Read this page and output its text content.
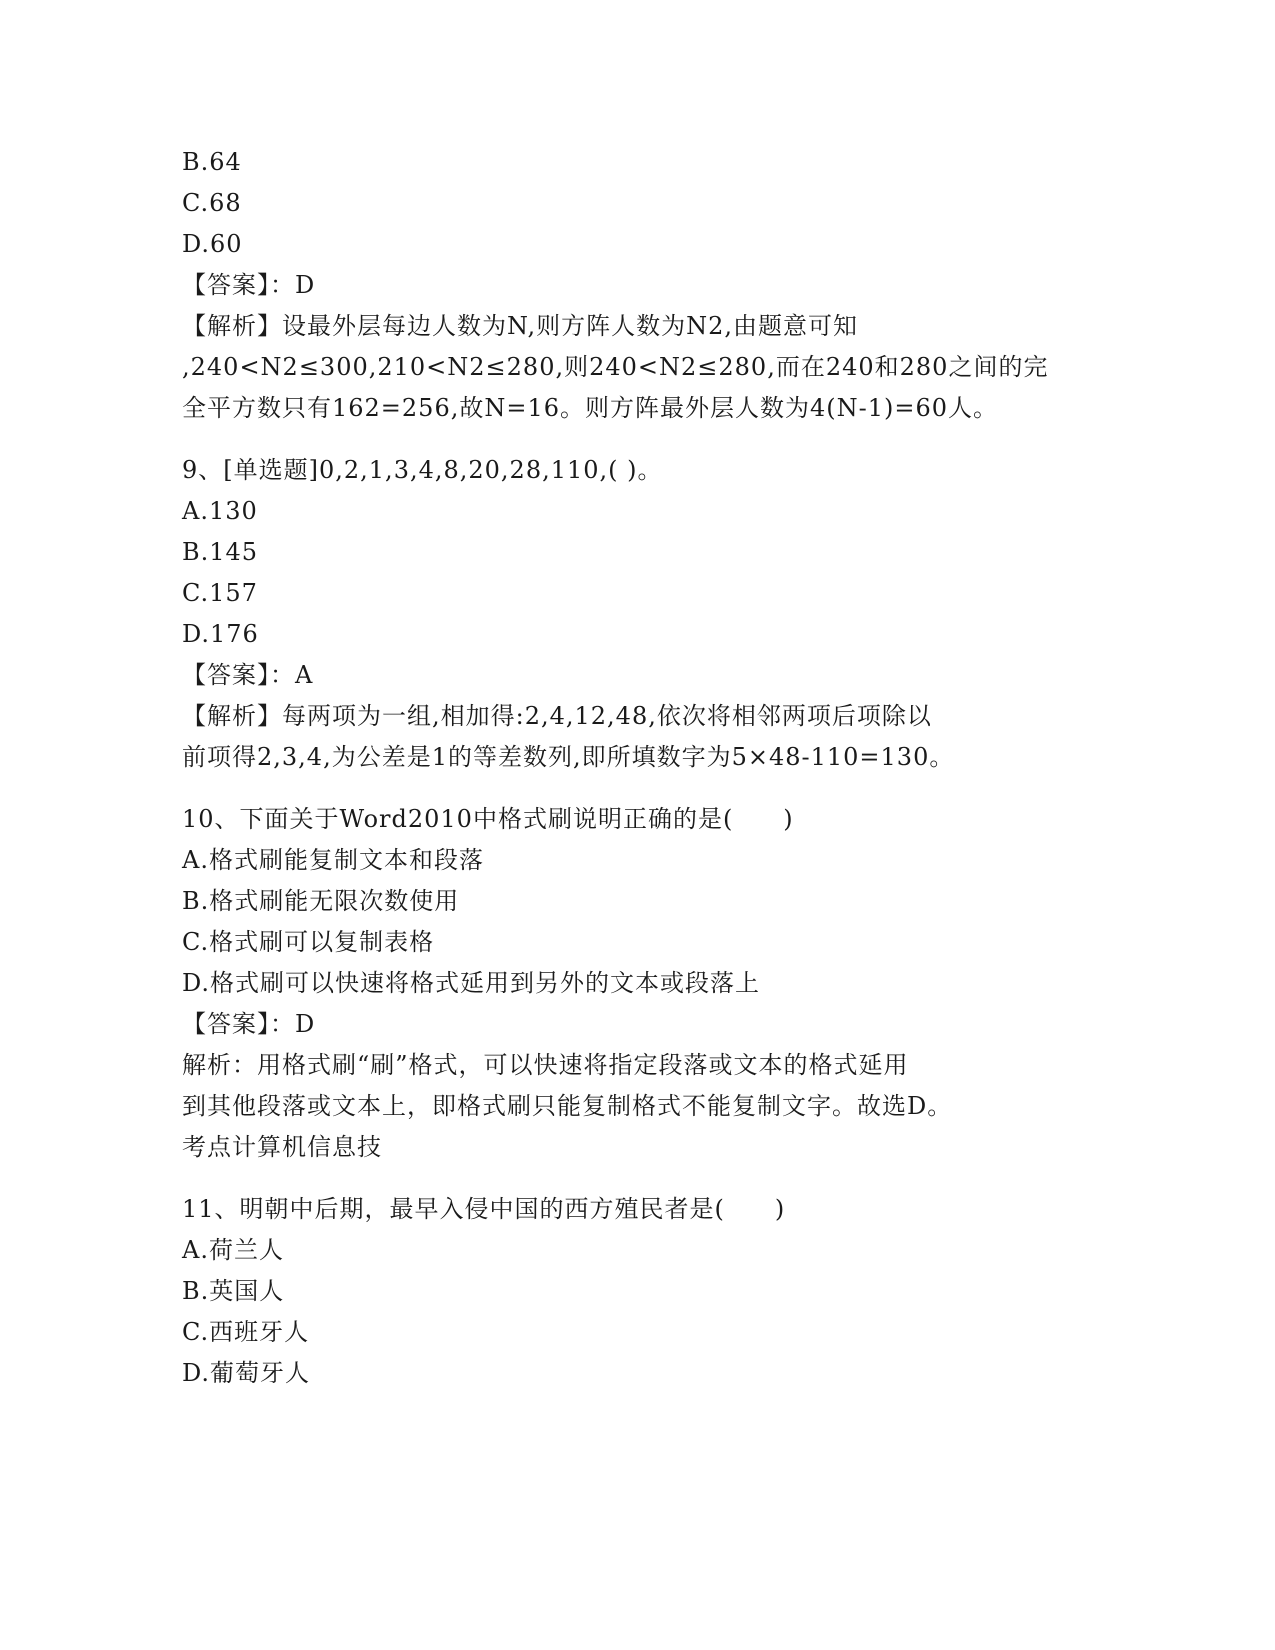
B.64
C.68
D.60
【答案】：D
【解析】设最外层每边人数为N,则方阵人数为N2,由题意可知
,240<N2≤300,210<N2≤280,则240<N2≤280,而在240和280之间的完
全平方数只有162=256,故N=16。则方阵最外层人数为4(N-1)=60人。
9、[单选题]0,2,1,3,4,8,20,28,110,( )。
A.130
B.145
C.157
D.176
【答案】：A
【解析】每两项为一组,相加得:2,4,12,48,依次将相邻两项后项除以
前项得2,3,4,为公差是1的等差数列,即所填数字为5×48-110=130。
10、下面关于Word2010中格式刷说明正确的是(　　)
A.格式刷能复制文本和段落
B.格式刷能无限次数使用
C.格式刷可以复制表格
D.格式刷可以快速将格式延用到另外的文本或段落上
【答案】：D
解析：用格式刷“刷”格式，可以快速将指定段落或文本的格式延用
到其他段落或文本上，即格式刷只能复制格式不能复制文字。故选D。
考点计算机信息技
11、明朝中后期，最早入侵中国的西方殖民者是(　　)
A.荷兰人
B.英国人
C.西班牙人
D.葡萄牙人
